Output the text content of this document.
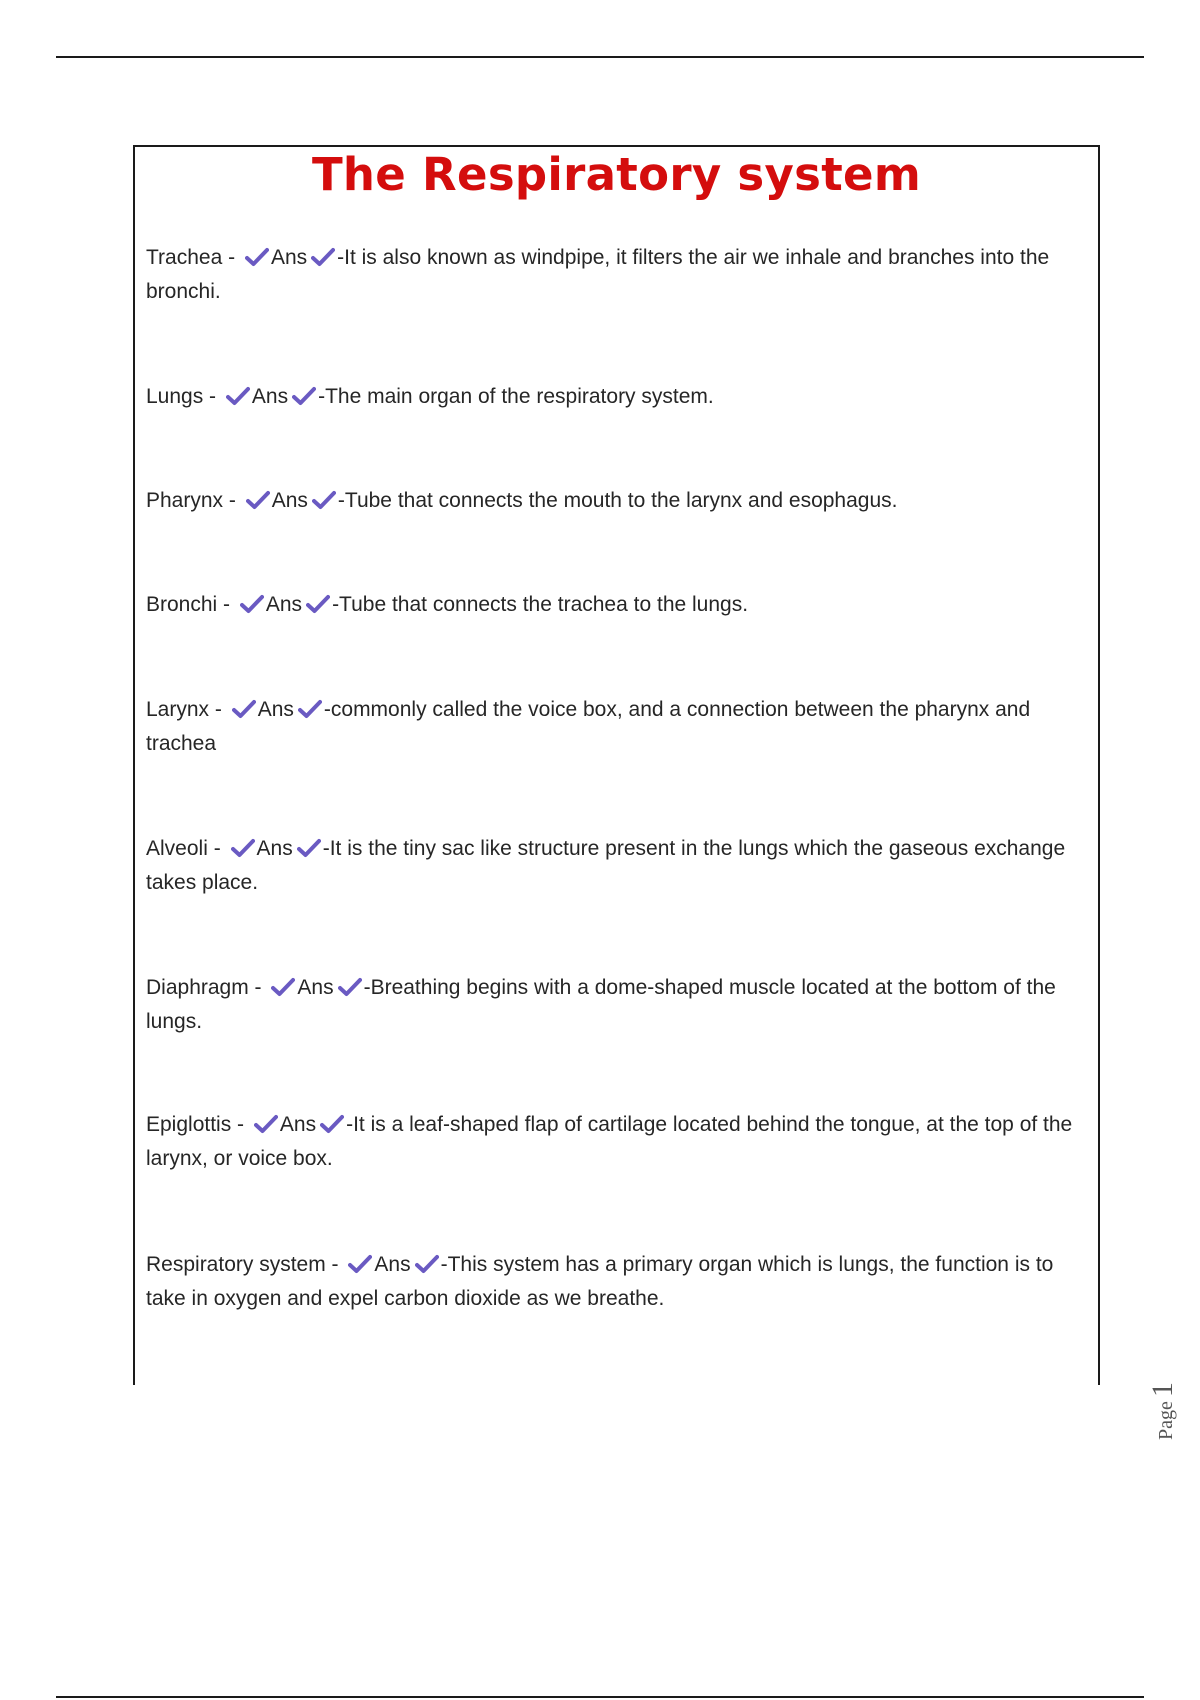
The Respiratory system
Trachea - Ans -It is also known as windpipe, it filters the air we inhale and branches into the bronchi.
Lungs - Ans -The main organ of the respiratory system.
Pharynx - Ans -Tube that connects the mouth to the larynx and esophagus.
Bronchi - Ans -Tube that connects the trachea to the lungs.
Larynx - Ans -commonly called the voice box, and a connection between the pharynx and trachea
Alveoli - Ans -It is the tiny sac like structure present in the lungs which the gaseous exchange takes place.
Diaphragm - Ans -Breathing begins with a dome-shaped muscle located at the bottom of the lungs.
Epiglottis - Ans -It is a leaf-shaped flap of cartilage located behind the tongue, at the top of the larynx, or voice box.
Respiratory system - Ans -This system has a primary organ which is lungs, the function is to take in oxygen and expel carbon dioxide as we breathe.
Page1
